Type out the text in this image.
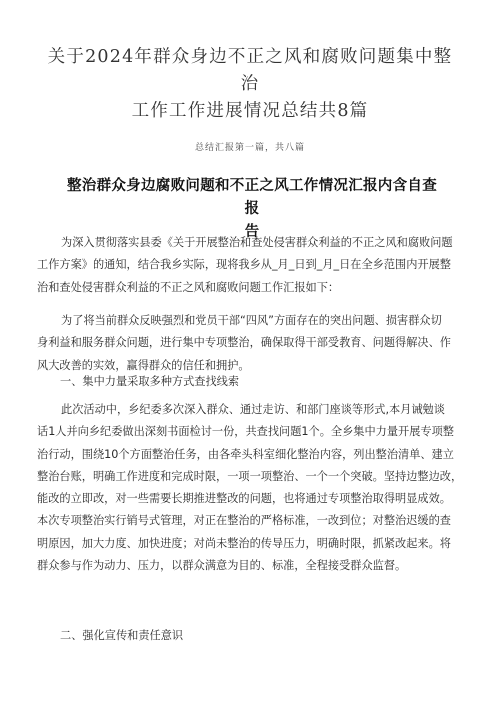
关于2024年群众身边不正之风和腐败问题集中整治
工作工作进展情况总结共8篇
总结汇报第一篇，共八篇
整治群众身边腐败问题和不正之风工作情况汇报内含自查报
告
为深入贯彻落实县委《关于开展整治和查处侵害群众利益的不正之风和腐败问题
工作方案》的通知，结合我乡实际，现将我乡从_月_日到_月_日在全乡范围内开展整
治和查处侵害群众利益的不正之风和腐败问题工作汇报如下：
为了将当前群众反映强烈和党员干部“四风”方面存在的突出问题、损害群众切
身利益和服务群众问题，进行集中专项整治，确保取得干部受教育、问题得解决、作
风大改善的实效，赢得群众的信任和拥护。
一、集中力量采取多种方式查找线索
此次活动中，乡纪委多次深入群众、通过走访、和部门座谈等形式,本月诫勉谈
话1人并向乡纪委做出深刻书面检讨一份，共查找问题1个。全乡集中力量开展专项整
治行动，围绕10个方面整治任务，由各牵头科室细化整治内容，列出整治清单、建立
整治台账，明确工作进度和完成时限，一项一项整治、一个一个突破。坚持边整边改，
能改的立即改，对一些需要长期推进整改的问题，也将通过专项整治取得明显成效。
本次专项整治实行销号式管理，对正在整治的严格标准，一改到位；对整治迟缓的查
明原因，加大力度、加快进度；对尚未整治的传导压力，明确时限，抓紧改起来。将
群众参与作为动力、压力，以群众满意为目的、标准，全程接受群众监督。
二、强化宣传和责任意识
